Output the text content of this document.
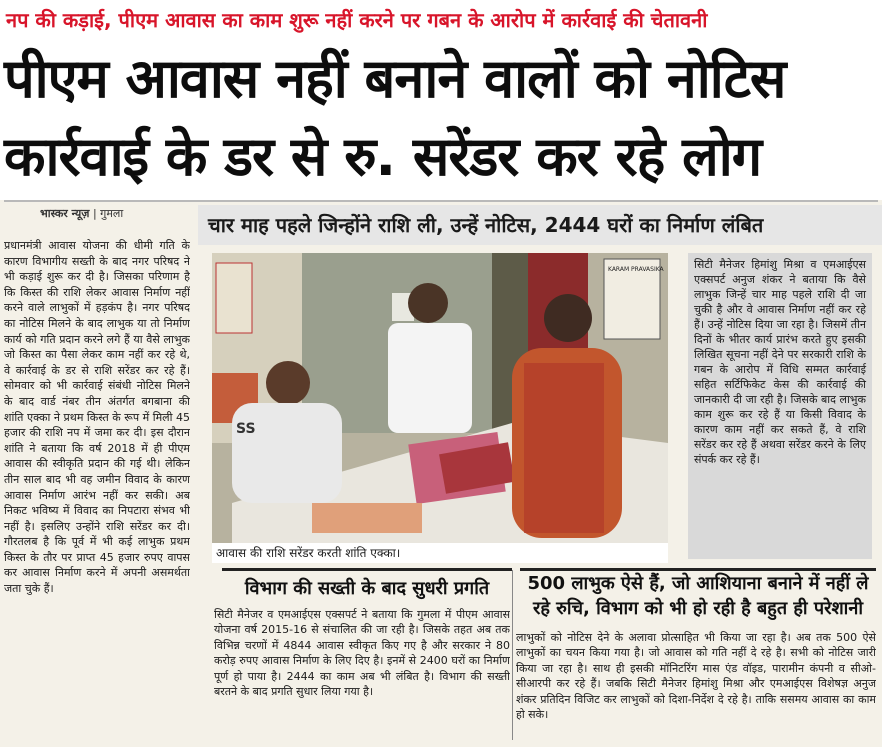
नप की कड़ाई, पीएम आवास का काम शुरू नहीं करने पर गबन के आरोप में कार्रवाई की चेतावनी
पीएम आवास नहीं बनाने वालों को नोटिस
कार्रवाई के डर से रु. सरेंडर कर रहे लोग
भास्कर न्यूज़ | गुमला	चार माह पहले जिन्होंने राशि ली, उन्हें नोटिस, 2444 घरों का निर्माण लंबित
प्रधानमंत्री आवास योजना की धीमी गति के कारण विभागीय सख्ती के बाद नगर परिषद ने भी कड़ाई शुरू कर दी है। जिसका परिणाम है कि किस्त की राशि लेकर आवास निर्माण नहीं करने वाले लाभुकों में हड़कंप है। नगर परिषद का नोटिस मिलने के बाद लाभुक या तो निर्माण कार्य को गति प्रदान करने लगे हैं या वैसे लाभुक जो किस्त का पैसा लेकर काम नहीं कर रहे थे, वे कार्रवाई के डर से राशि सरेंडर कर रहे हैं। सोमवार को भी कार्रवाई संबंधी नोटिस मिलने के बाद वार्ड नंबर तीन अंतर्गत बगबाना की शांति एक्का ने प्रथम किस्त के रूप में मिली 45 हजार की राशि नप में जमा कर दी। इस दौरान शांति ने बताया कि वर्ष 2018 में ही पीएम आवास की स्वीकृति प्रदान की गई थी। लेकिन तीन साल बाद भी वह जमीन विवाद के कारण आवास निर्माण आरंभ नहीं कर सकी। अब निकट भविष्य में विवाद का निपटारा संभव भी नहीं है। इसलिए उन्होंने राशि सरेंडर कर दी। गौरतलब है कि पूर्व में भी कई लाभुक प्रथम किस्त के तौर पर प्राप्त 45 हजार रुपए वापस कर आवास निर्माण करने में अपनी असमर्थता जता चुके हैं।
KARAM PRAVASIKA
SS
आवास की राशि सरेंडर करती शांति एक्का।
सिटी मैनेजर हिमांशु मिश्रा व एमआईएस एक्सपर्ट अनुज शंकर ने बताया कि वैसे लाभुक जिन्हें चार माह पहले राशि दी जा चुकी है और वे आवास निर्माण नहीं कर रहे हैं। उन्हें नोटिस दिया जा रहा है। जिसमें तीन दिनों के भीतर कार्य प्रारंभ करते हुए इसकी लिखित सूचना नहीं देने पर सरकारी राशि के गबन के आरोप में विधि सम्मत कार्रवाई सहित सर्टिफिकेट केस की कार्रवाई की जानकारी दी जा रही है। जिसके बाद लाभुक काम शुरू कर रहे हैं या किसी विवाद के कारण काम नहीं कर सकते हैं, वे राशि सरेंडर कर रहे हैं अथवा सरेंडर करने के लिए संपर्क कर रहे हैं।
विभाग की सख्ती के बाद सुधरी प्रगति
सिटी मैनेजर व एमआईएस एक्सपर्ट ने बताया कि गुमला में पीएम आवास योजना वर्ष 2015-16 से संचालित की जा रही है। जिसके तहत अब तक विभिन्न चरणों में 4844 आवास स्वीकृत किए गए है और सरकार ने 80 करोड़ रुपए आवास निर्माण के लिए दिए है। इनमें से 2400 घरों का निर्माण पूर्ण हो पाया है। 2444 का काम अब भी लंबित है। विभाग की सख्ती बरतने के बाद प्रगति सुधार लिया गया है।
500 लाभुक ऐसे हैं, जो आशियाना बनाने में नहीं ले रहे रुचि, विभाग को भी हो रही है बहुत ही परेशानी
लाभुकों को नोटिस देने के अलावा प्रोत्साहित भी किया जा रहा है। अब तक 500 ऐसे लाभुकों का चयन किया गया है। जो आवास को गति नहीं दे रहे है। सभी को नोटिस जारी किया जा रहा है। साथ ही इसकी मॉनिटरिंग मास एंड वॉइड, पारामीन कंपनी व सीओ-सीआरपी कर रहे हैं। जबकि सिटी मैनेजर हिमांशु मिश्रा और एमआईएस विशेषज्ञ अनुज शंकर प्रतिदिन विजिट कर लाभुकों को दिशा-निर्देश दे रहे है। ताकि ससमय आवास का काम हो सके।
